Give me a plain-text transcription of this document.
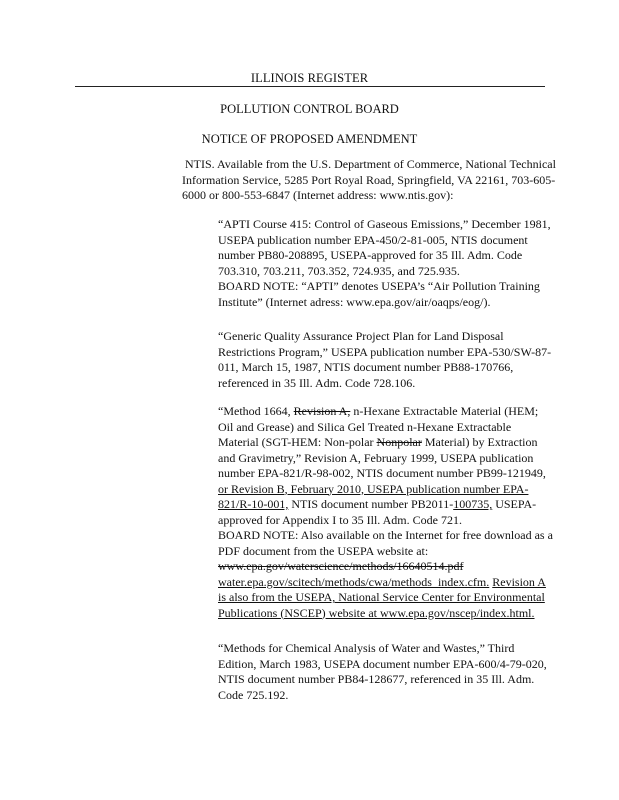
ILLINOIS REGISTER
POLLUTION CONTROL BOARD
NOTICE OF PROPOSED AMENDMENT
NTIS. Available from the U.S. Department of Commerce, National Technical Information Service, 5285 Port Royal Road, Springfield, VA 22161, 703-605-6000 or 800-553-6847 (Internet address: www.ntis.gov):
“APTI Course 415: Control of Gaseous Emissions,” December 1981, USEPA publication number EPA-450/2-81-005, NTIS document number PB80-208895, USEPA-approved for 35 Ill. Adm. Code 703.310, 703.211, 703.352, 724.935, and 725.935.
BOARD NOTE: “APTI” denotes USEPA’s “Air Pollution Training Institute” (Internet adress: www.epa.gov/air/oaqps/eog/).
“Generic Quality Assurance Project Plan for Land Disposal Restrictions Program,” USEPA publication number EPA-530/SW-87-011, March 15, 1987, NTIS document number PB88-170766, referenced in 35 Ill. Adm. Code 728.106.
“Method 1664, Revision A, n-Hexane Extractable Material (HEM; Oil and Grease) and Silica Gel Treated n-Hexane Extractable Material (SGT-HEM: Non-polar Nonpolar Material) by Extraction and Gravimetry,” Revision A, February 1999, USEPA publication number EPA-821/R-98-002, NTIS document number PB99-121949, or Revision B, February 2010, USEPA publication number EPA-821/R-10-001, NTIS document number PB2011-100735, USEPA-approved for Appendix I to 35 Ill. Adm. Code 721.
BOARD NOTE: Also available on the Internet for free download as a PDF document from the USEPA website at:
www.epa.gov/waterscience/methods/16640514.pdf
water.epa.gov/scitech/methods/cwa/methods_index.cfm. Revision A is also from the USEPA, National Service Center for Environmental Publications (NSCEP) website at www.epa.gov/nscep/index.html.
“Methods for Chemical Analysis of Water and Wastes,” Third Edition, March 1983, USEPA document number EPA-600/4-79-020, NTIS document number PB84-128677, referenced in 35 Ill. Adm. Code 725.192.
